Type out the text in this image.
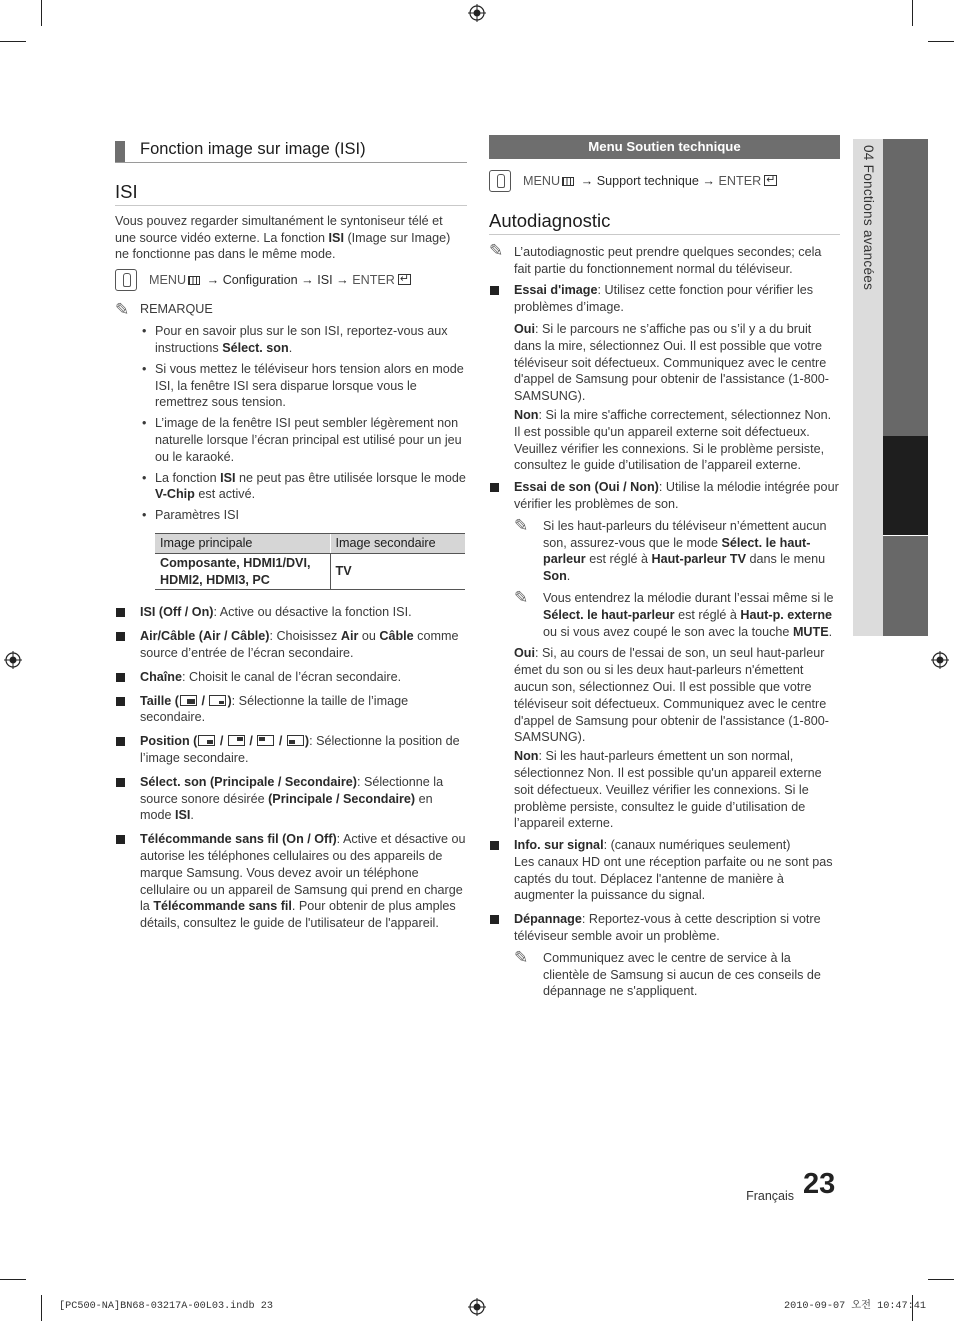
Fonction image sur image (ISI)
ISI

Vous pouvez regarder simultanément le syntoniseur télé et une source vidéo externe. La fonction ISI (Image sur Image) ne fonctionne pas dans le même mode.

MENU → Configuration → ISI → ENTER↵
✎ REMARQUE
• Pour en savoir plus sur le son ISI, reportez-vous aux instructions Sélect. son.
• Si vous mettez le téléviseur hors tension alors en mode ISI, la fenêtre ISI sera disparue lorsque vous le remettrez sous tension.
• L’image de la fenêtre ISI peut sembler légèrement non naturelle lorsque l’écran principal est utilisé pour un jeu ou le karaoké.
• La fonction ISI ne peut pas être utilisée lorsque le mode V-Chip est activé.
• Paramètres ISI
Image principale	Image secondaire
Composante, HDMI1/DVI, HDMI2, HDMI3, PC	TV
ISI (Off / On): Active ou désactive la fonction ISI.
Air/Câble (Air / Câble): Choisissez Air ou Câble comme source d’entrée de l’écran secondaire.
Chaîne: Choisit le canal de l’écran secondaire.
Taille (
/
): Sélectionne la taille de l’image secondaire.
Position (
/
/
/
): Sélectionne la position de l’image secondaire.
Sélect. son (Principale / Secondaire): Sélectionne la source sonore désirée (Principale / Secondaire) en mode ISI.
Télécommande sans fil (On / Off): Active et désactive ou autorise les téléphones cellulaires ou des appareils de marque Samsung. Vous devez avoir un téléphone cellulaire ou un appareil de Samsung qui prend en charge la Télécommande sans fil. Pour obtenir de plus amples détails, consultez le guide de l'utilisateur de l'appareil.
Menu Soutien technique
MENU → Support technique → ENTER↵
Autodiagnostic
✎ L’autodiagnostic peut prendre quelques secondes; cela fait partie du fonctionnement normal du téléviseur.
Essai d'image: Utilisez cette fonction pour vérifier les problèmes d’image.
Oui: Si le parcours ne s’affiche pas ou s’il y a du bruit dans la mire, sélectionnez Oui. Il est possible que votre téléviseur soit défectueux. Communiquez avec le centre d'appel de Samsung pour obtenir de l'assistance (1-800-SAMSUNG).
Non: Si la mire s'affiche correctement, sélectionnez Non. Il est possible qu'un appareil externe soit défectueux. Veuillez vérifier les connexions. Si le problème persiste, consultez le guide d’utilisation de l’appareil externe.
Essai de son (Oui / Non): Utilise la mélodie intégrée pour vérifier les problèmes de son.
✎	Si les haut-parleurs du téléviseur n’émettent aucun son, assurez-vous que le mode Sélect. le haut-parleur est réglé à Haut-parleur TV dans le menu Son.
✎	Vous entendrez la mélodie durant l’essai même si le Sélect. le haut-parleur est réglé à Haut-p. externe ou si vous avez coupé le son avec la touche MUTE.
Oui: Si, au cours de l'essai de son, un seul haut-parleur émet du son ou si les deux haut-parleurs n'émettent aucun son, sélectionnez Oui. Il est possible que votre téléviseur soit défectueux. Communiquez avec le centre d'appel de Samsung pour obtenir de l'assistance (1-800-SAMSUNG).
Non: Si les haut-parleurs émettent un son normal, sélectionnez Non. Il est possible qu'un appareil externe soit défectueux. Veuillez vérifier les connexions. Si le problème persiste, consultez le guide d’utilisation de l’appareil externe.
Info. sur signal: (canaux numériques seulement)
Les canaux HD ont une réception parfaite ou ne sont pas captés du tout. Déplacez l'antenne de manière à augmenter la puissance du signal.
Dépannage: Reportez-vous à cette description si votre téléviseur semble avoir un problème.
✎	Communiquez avec le centre de service à la clientèle de Samsung si aucun de ces conseils de dépannage ne s'appliquent.
04 Fonctions avancées
Français 23
[PC500-NA]BN68-03217A-00L03.indb 23	2010-09-07 오전 10:47:41
